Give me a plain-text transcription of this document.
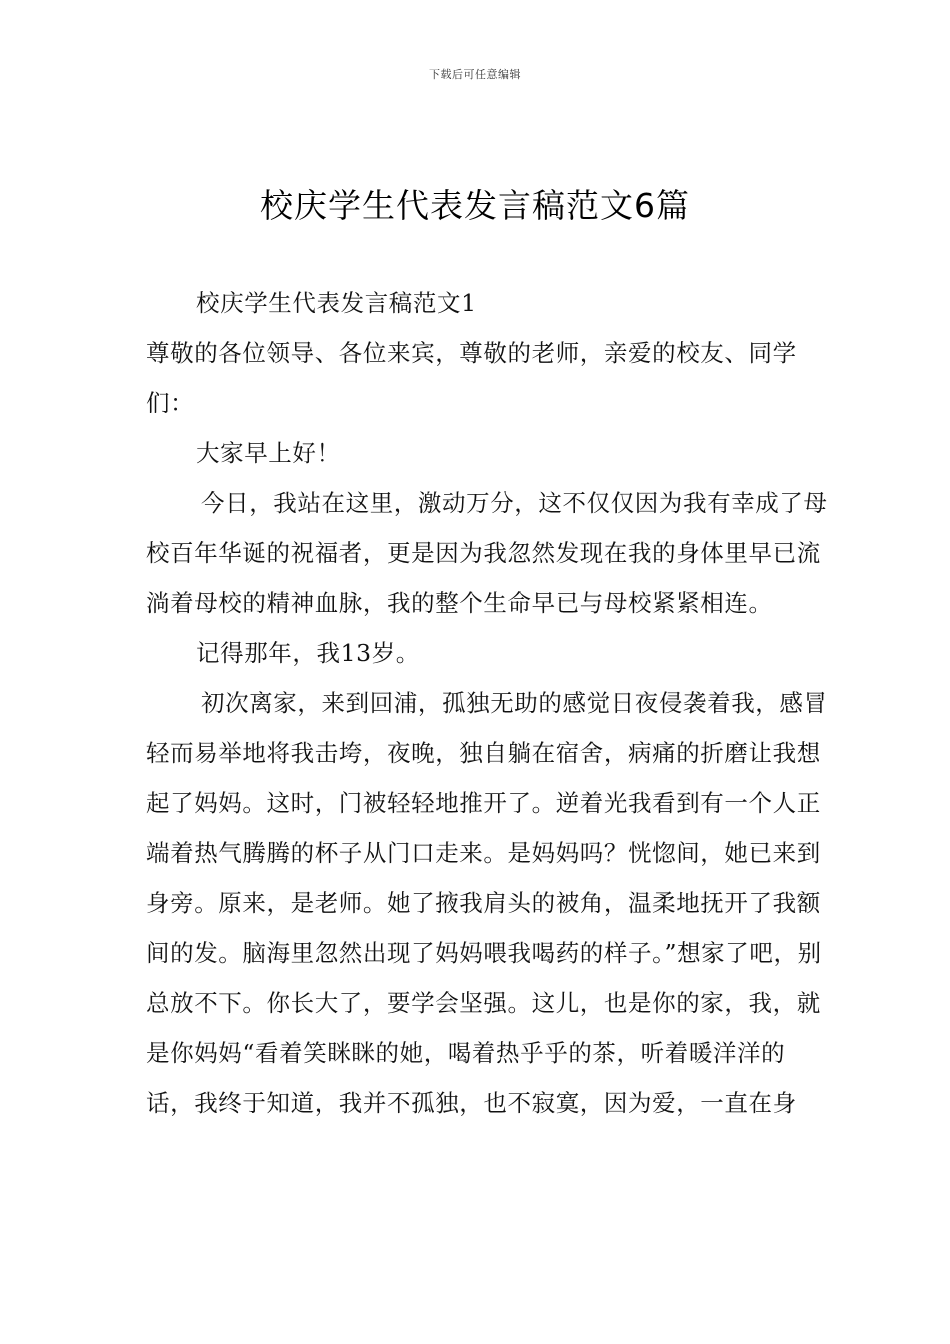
下载后可任意编辑
校庆学生代表发言稿范文6篇

校庆学生代表发言稿范文1

尊敬的各位领导、各位来宾，尊敬的老师，亲爱的校友、同学们：

大家早上好！

今日，我站在这里，激动万分，这不仅仅因为我有幸成了母校百年华诞的祝福者，更是因为我忽然发现在我的身体里早已流淌着母校的精神血脉，我的整个生命早已与母校紧紧相连。

记得那年，我13岁。

初次离家，来到回浦，孤独无助的感觉日夜侵袭着我，感冒轻而易举地将我击垮，夜晚，独自躺在宿舍，病痛的折磨让我想起了妈妈。这时，门被轻轻地推开了。逆着光我看到有一个人正端着热气腾腾的杯子从门口走来。是妈妈吗？恍惚间，她已来到身旁。原来，是老师。她了掖我肩头的被角，温柔地抚开了我额间的发。脑海里忽然出现了妈妈喂我喝药的样子。”想家了吧，别总放不下。你长大了，要学会坚强。这儿，也是你的家，我，就是你妈妈“看着笑眯眯的她，喝着热乎乎的茶，听着暖洋洋的话，我终于知道，我并不孤独，也不寂寞，因为爱，一直在身
